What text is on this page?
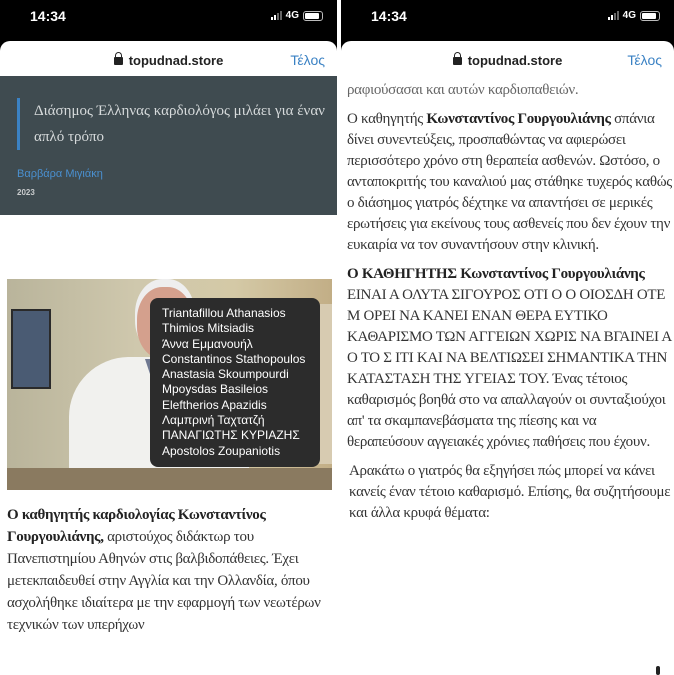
14:34	4G
topudnad.store	Τέλος
Διάσημος Έλληνας καρδιολόγος μιλάει για έναν απλό τρόπο
Βαρβάρα Μιγιάκη
2023
Ο καθηγητής καρδιολογίας Κωνσταντίνος Γουργουλιάνης, αριστούχος διδάκτωρ του Πανεπιστημίου Αθηνών στις βαλβιδοπάθειες. Έχει μετεκπαιδευθεί στην Αγγλία και την Ολλανδία, όπου ασχολήθηκε ιδιαίτερα με την εφαρμογή των νεωτέρων τεχνικών των υπερήχων
14:34	4G
topudnad.store	Τέλος
ραφιούσασαι και αυτών καρδιοπαθειών.
Ο καθηγητής Κωνσταντίνος Γουργουλιάνης σπάνια δίνει συνεντεύξεις, προσπαθώντας να αφιερώσει περισσότερο χρόνο στη θεραπεία ασθενών. Ωστόσο, ο ανταποκριτής του καναλιού μας στάθηκε τυχερός καθώς ο διάσημος γιατρός δέχτηκε να απαντήσει σε μερικές ερωτήσεις για εκείνους τους ασθενείς που δεν έχουν την ευκαιρία να τον συναντήσουν στην κλινική.
Ο ΚΑΘΗΓΗΤΗΣ Κωνσταντίνος Γουργουλιάνης ΕΙΝΑΙ Α ΟΛΥΤΑ ΣΙΓΟΥΡΟΣ ΟΤΙ Ο Ο ΟΙΟΣΔΗ ΟΤΕ Μ ΟΡΕΙ ΝΑ ΚΑΝΕΙ ΕΝΑΝ ΘΕΡΑ ΕΥΤΙΚΟ ΚΑΘΑΡΙΣΜΟ ΤΩΝ ΑΓΓΕΙΩΝ ΧΩΡΙΣ ΝΑ ΒΓΑΙΝΕΙ Α Ο ΤΟ Σ ΙΤΙ ΚΑΙ ΝΑ ΒΕΛΤΙΩΣΕΙ ΣΗΜΑΝΤΙΚΑ ΤΗΝ ΚΑΤΑΣΤΑΣΗ ΤΗΣ ΥΓΕΙΑΣ ΤΟΥ. Ένας τέτοιος καθαρισμός βοηθά στο να απαλλαγούν οι συνταξιούχοι απ' τα σκαμπανεβάσματα της πίεσης και να θεραπεύσουν αγγειακές χρόνιες παθήσεις που έχουν.
Αρακάτω ο γιατρός θα εξηγήσει πώς μπορεί να κάνει κανείς έναν τέτοιο καθαρισμό. Επίσης, θα συζητήσουμε και άλλα κρυφά θέματα:
Triantafillou Athanasios
Thimios Mitsiadis
Άννα Εμμανουήλ
Constantinos Stathopoulos
Anastasia Skoumpourdi
Mpoysdas Basileios
Eleftherios Apazidis
Λαμπρινή Ταχτατζή
ΠΑΝΑΓΙΩΤΗΣ ΚΥΡΙΑΖΗΣ
Apostolos Zoupaniotis
